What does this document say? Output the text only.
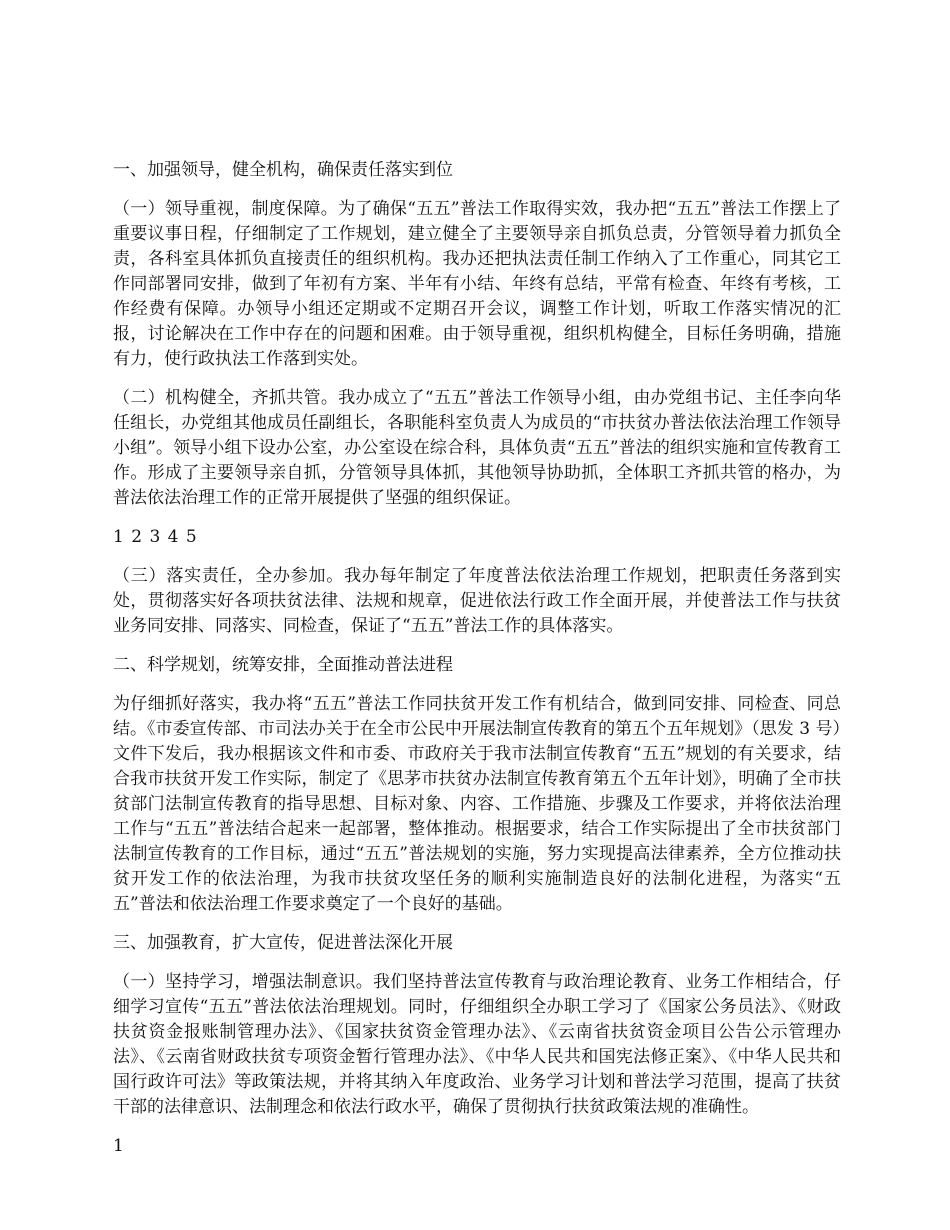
一、加强领导，健全机构，确保责任落实到位
（一）领导重视，制度保障。为了确保“五五”普法工作取得实效，我办把“五五”普法工作摆上了重要议事日程，仔细制定了工作规划，建立健全了主要领导亲自抓负总责，分管领导着力抓负全责，各科室具体抓负直接责任的组织机构。我办还把执法责任制工作纳入了工作重心，同其它工作同部署同安排，做到了年初有方案、半年有小结、年终有总结，平常有检查、年终有考核，工作经费有保障。办领导小组还定期或不定期召开会议，调整工作计划，听取工作落实情况的汇报，讨论解决在工作中存在的问题和困难。由于领导重视，组织机构健全，目标任务明确，措施有力，使行政执法工作落到实处。
（二）机构健全，齐抓共管。我办成立了“五五”普法工作领导小组，由办党组书记、主任李向华任组长，办党组其他成员任副组长，各职能科室负责人为成员的“市扶贫办普法依法治理工作领导小组”。领导小组下设办公室，办公室设在综合科，具体负责“五五”普法的组织实施和宣传教育工作。形成了主要领导亲自抓，分管领导具体抓，其他领导协助抓，全体职工齐抓共管的格办，为普法依法治理工作的正常开展提供了坚强的组织保证。
1 2 3 4 5
（三）落实责任，全办参加。我办每年制定了年度普法依法治理工作规划，把职责任务落到实处，贯彻落实好各项扶贫法律、法规和规章，促进依法行政工作全面开展，并使普法工作与扶贫业务同安排、同落实、同检查，保证了“五五”普法工作的具体落实。
二、科学规划，统筹安排，全面推动普法进程
为仔细抓好落实，我办将“五五”普法工作同扶贫开发工作有机结合，做到同安排、同检查、同总结。《市委宣传部、市司法办关于在全市公民中开展法制宣传教育的第五个五年规划》（思发 3 号）文件下发后，我办根据该文件和市委、市政府关于我市法制宣传教育“五五”规划的有关要求，结合我市扶贫开发工作实际，制定了《思茅市扶贫办法制宣传教育第五个五年计划》，明确了全市扶贫部门法制宣传教育的指导思想、目标对象、内容、工作措施、步骤及工作要求，并将依法治理工作与“五五”普法结合起来一起部署，整体推动。根据要求，结合工作实际提出了全市扶贫部门法制宣传教育的工作目标，通过“五五”普法规划的实施，努力实现提高法律素养，全方位推动扶贫开发工作的依法治理，为我市扶贫攻坚任务的顺利实施制造良好的法制化进程，为落实“五五”普法和依法治理工作要求奠定了一个良好的基础。
三、加强教育，扩大宣传，促进普法深化开展
（一）坚持学习，增强法制意识。我们坚持普法宣传教育与政治理论教育、业务工作相结合，仔细学习宣传“五五”普法依法治理规划。同时，仔细组织全办职工学习了《国家公务员法》、《财政扶贫资金报账制管理办法》、《国家扶贫资金管理办法》、《云南省扶贫资金项目公告公示管理办法》、《云南省财政扶贫专项资金暂行管理办法》、《中华人民共和国宪法修正案》、《中华人民共和国行政许可法》等政策法规，并将其纳入年度政治、业务学习计划和普法学习范围，提高了扶贫干部的法律意识、法制理念和依法行政水平，确保了贯彻执行扶贫政策法规的准确性。
1
